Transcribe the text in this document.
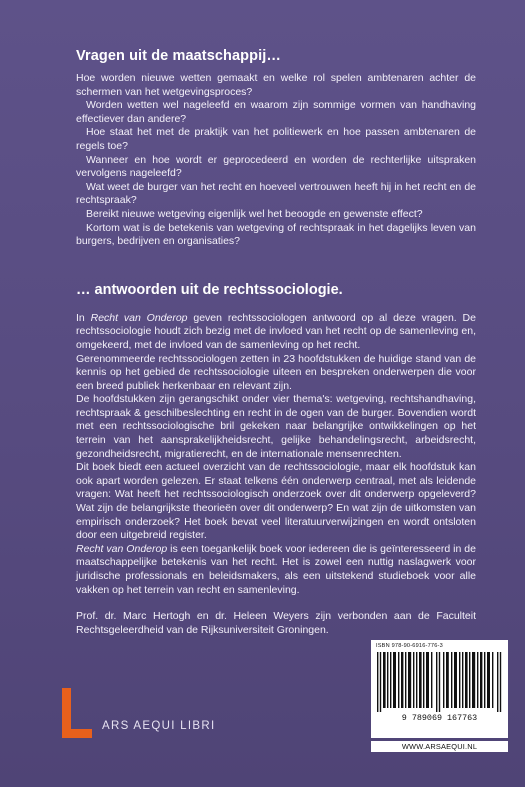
Vragen uit de maatschappij…

Hoe worden nieuwe wetten gemaakt en welke rol spelen ambtenaren achter de schermen van het wetgevingsproces?

Worden wetten wel nageleefd en waarom zijn sommige vormen van handhaving effectiever dan andere?

Hoe staat het met de praktijk van het politiewerk en hoe passen ambtenaren de regels toe?

Wanneer en hoe wordt er geprocedeerd en worden de rechterlijke uitspraken vervolgens nageleefd?

Wat weet de burger van het recht en hoeveel vertrouwen heeft hij in het recht en de rechtspraak?

Bereikt nieuwe wetgeving eigenlijk wel het beoogde en gewenste effect?

Kortom wat is de betekenis van wetgeving of rechtspraak in het dagelijks leven van burgers, bedrijven en organisaties?

… antwoorden uit de rechtssociologie.

In Recht van Onderop geven rechtssociologen antwoord op al deze vragen. De rechtssociologie houdt zich bezig met de invloed van het recht op de samenleving en, omgekeerd, met de invloed van de samenleving op het recht.

Gerenommeerde rechtssociologen zetten in 23 hoofdstukken de huidige stand van de kennis op het gebied de rechtssociologie uiteen en bespreken onderwerpen die voor een breed publiek herkenbaar en relevant zijn.

De hoofdstukken zijn gerangschikt onder vier thema's: wetgeving, rechtshandhaving, rechtspraak & geschilbeslechting en recht in de ogen van de burger. Bovendien wordt met een rechtssociologische bril gekeken naar belangrijke ontwikkelingen op het terrein van het aansprakelijkheidsrecht, gelijke behandelingsrecht, arbeidsrecht, gezondheidsrecht, migratierecht, en de internationale mensenrechten.

Dit boek biedt een actueel overzicht van de rechtssociologie, maar elk hoofdstuk kan ook apart worden gelezen. Er staat telkens één onderwerp centraal, met als leidende vragen: Wat heeft het rechtssociologisch onderzoek over dit onderwerp opgeleverd? Wat zijn de belangrijkste theorieën over dit onderwerp? En wat zijn de uitkomsten van empirisch onderzoek? Het boek bevat veel literatuurverwijzingen en wordt ontsloten door een uitgebreid register.

Recht van Onderop is een toegankelijk boek voor iedereen die is geïnteresseerd in de maatschappelijke betekenis van het recht. Het is zowel een nuttig naslagwerk voor juridische professionals en beleidsmakers, als een uitstekend studieboek voor alle vakken op het terrein van recht en samenleving.

Prof. dr. Marc Hertogh en dr. Heleen Weyers zijn verbonden aan de Faculteit Rechtsgeleerdheid van de Rijksuniversiteit Groningen.

ARS AEQUI LIBRI
ISBN 978-90-6916-776-3
9 789069 167763
WWW.ARSAEQUI.NL
